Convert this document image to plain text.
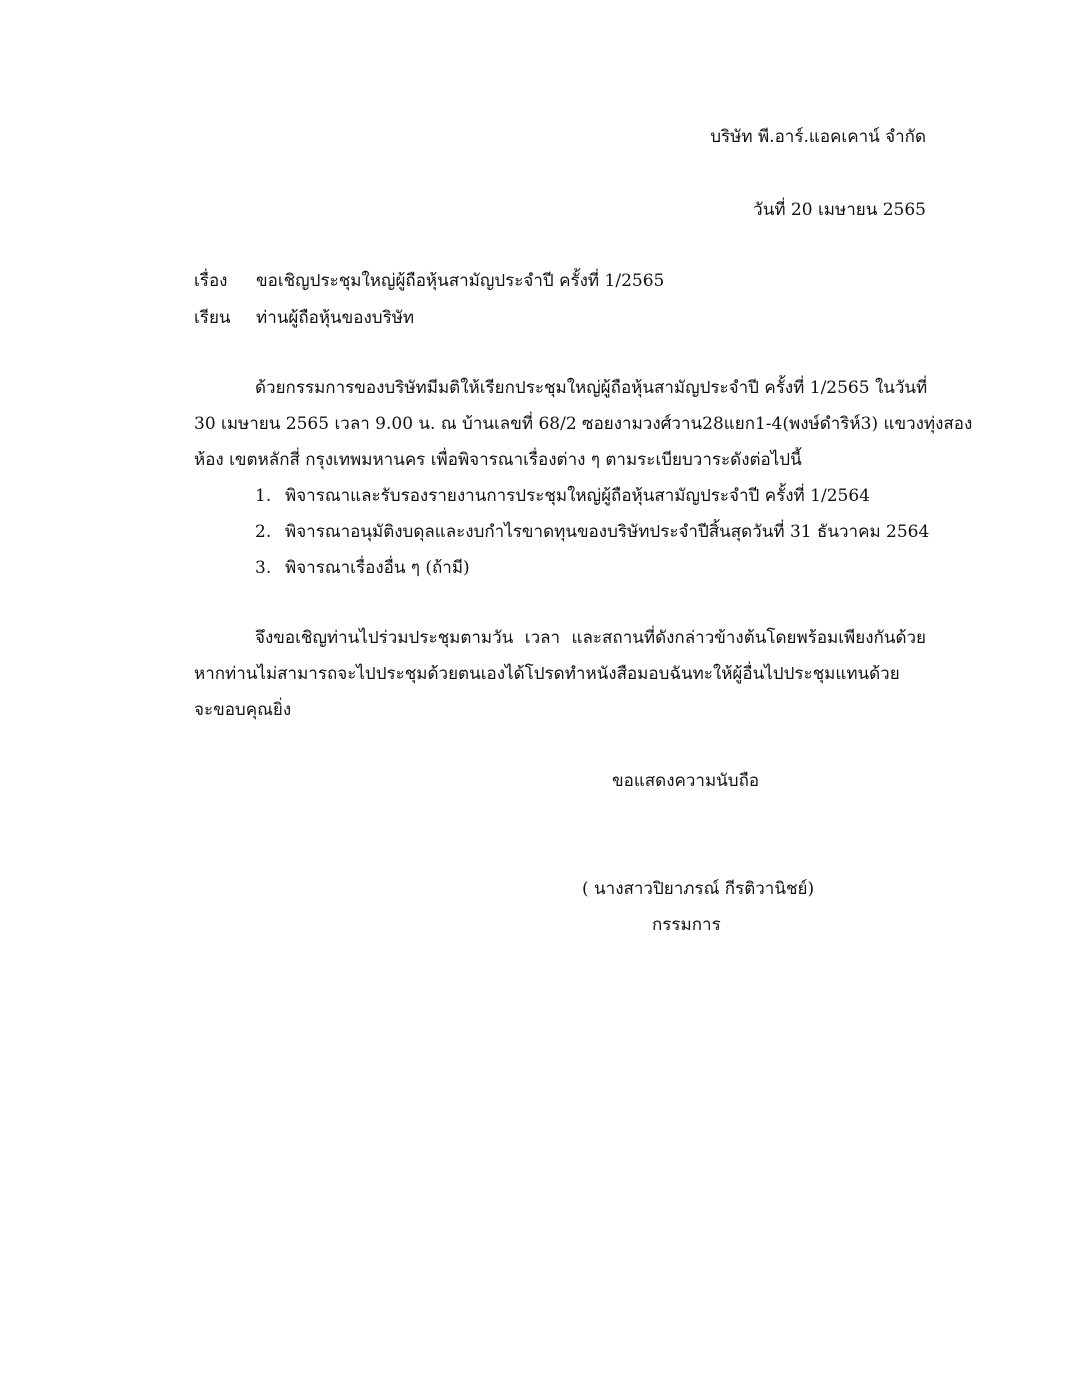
บริษัท พี.อาร์.แอคเคาน์ จำกัด
วันที่ 20 เมษายน 2565
เรื่อง ขอเชิญประชุมใหญ่ผู้ถือหุ้นสามัญประจำปี ครั้งที่ 1/2565
เรียน ท่านผู้ถือหุ้นของบริษัท
ด้วยกรรมการของบริษัทมีมติให้เรียกประชุมใหญ่ผู้ถือหุ้นสามัญประจำปี ครั้งที่ 1/2565 ในวันที่
30 เมษายน 2565 เวลา 9.00 น. ณ บ้านเลขที่ 68/2 ซอยงามวงศ์วาน28แยก1-4(พงษ์ดำริห์3) แขวงทุ่งสอง
ห้อง เขตหลักสี่ กรุงเทพมหานคร เพื่อพิจารณาเรื่องต่าง ๆ ตามระเบียบวาระดังต่อไปนี้
1. พิจารณาและรับรองรายงานการประชุมใหญ่ผู้ถือหุ้นสามัญประจำปี ครั้งที่ 1/2564
2. พิจารณาอนุมัติงบดุลและงบกำไรขาดทุนของบริษัทประจำปีสิ้นสุดวันที่ 31 ธันวาคม 2564
3. พิจารณาเรื่องอื่น ๆ (ถ้ามี)
จึงขอเชิญท่านไปร่วมประชุมตามวัน เวลา และสถานที่ดังกล่าวข้างต้นโดยพร้อมเพียงกันด้วย
หากท่านไม่สามารถจะไปประชุมด้วยตนเองได้โปรดทำหนังสือมอบฉันทะให้ผู้อื่นไปประชุมแทนด้วย
จะขอบคุณยิ่ง
ขอแสดงความนับถือ
( นางสาวปิยาภรณ์ กีรติวานิชย์)
กรรมการ
